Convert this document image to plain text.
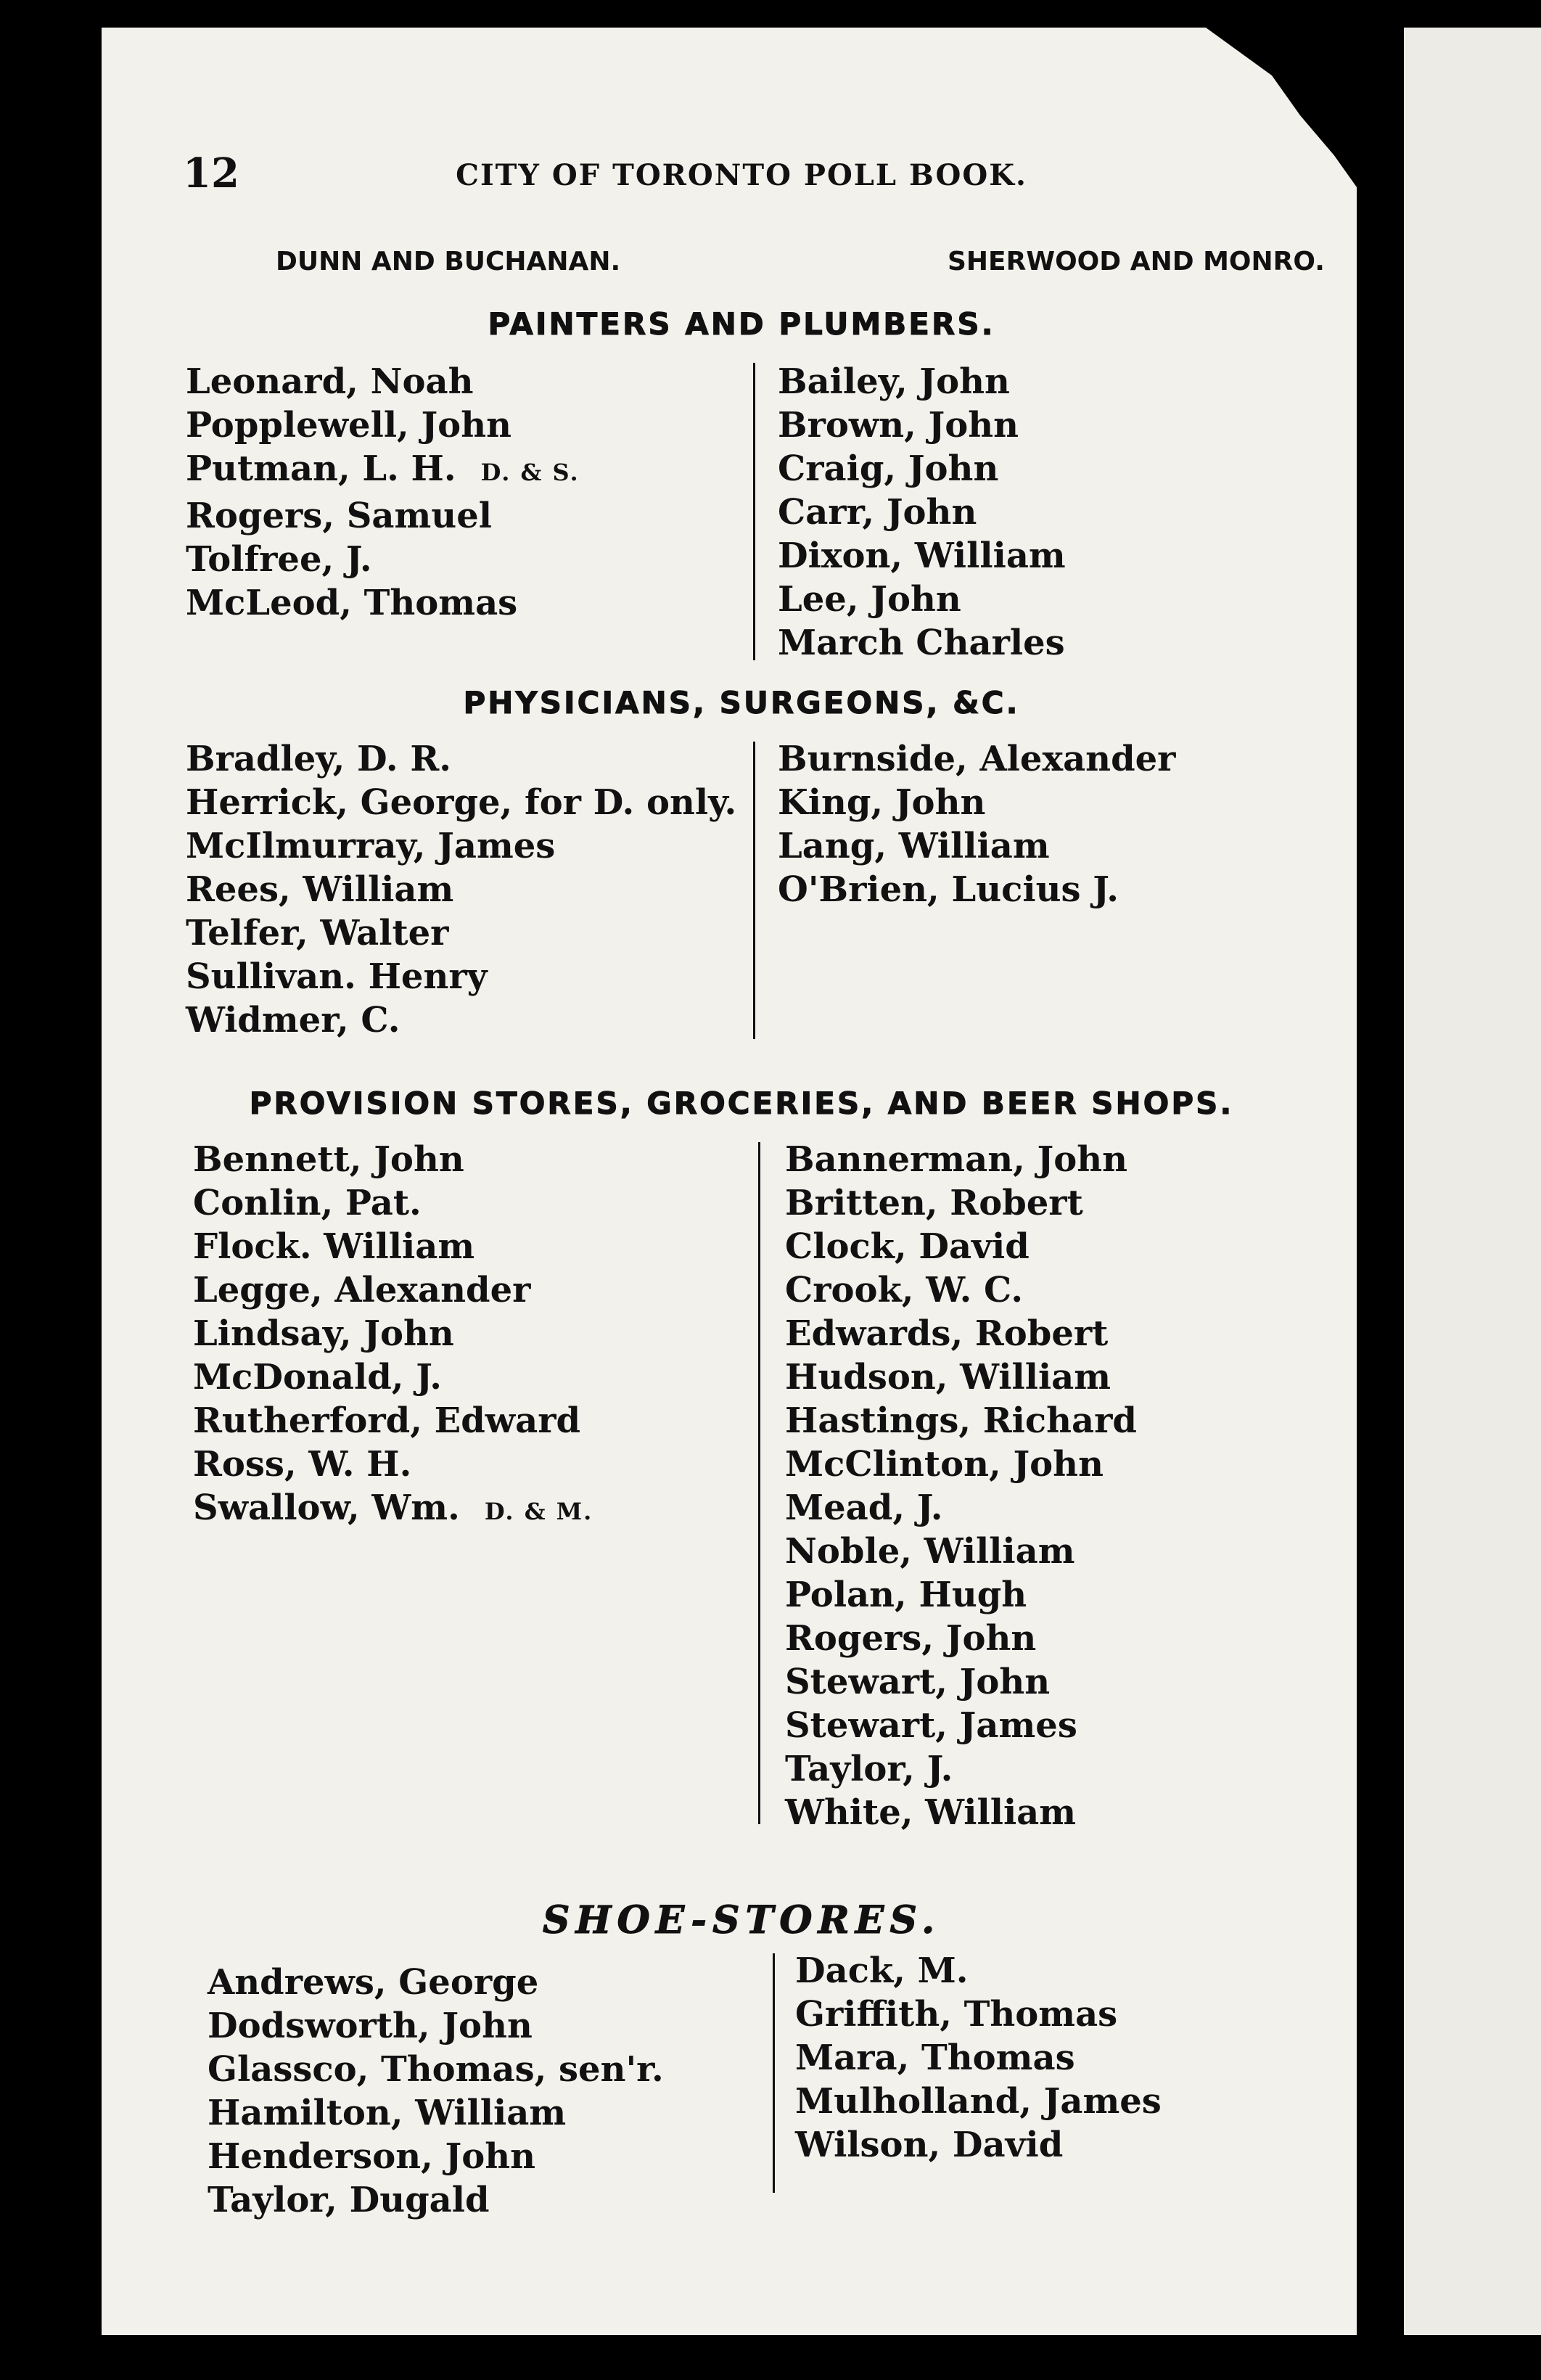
12	CITY OF TORONTO POLL BOOK.
DUNN AND BUCHANAN.	SHERWOOD AND MONRO.
PAINTERS AND PLUMBERS.
Leonard, Noah
Popplewell, John
Putman, L. H. D. & S.
Rogers, Samuel
Tolfree, J.
McLeod, Thomas
Bailey, John
Brown, John
Craig, John
Carr, John
Dixon, William
Lee, John
March Charles
PHYSICIANS, SURGEONS, &C.
Bradley, D. R.
Herrick, George, for D. only.
McIlmurray, James
Rees, William
Telfer, Walter
Sullivan. Henry
Widmer, C.
Burnside, Alexander
King, John
Lang, William
O'Brien, Lucius J.
PROVISION STORES, GROCERIES, AND BEER SHOPS.
Bennett, John
Conlin, Pat.
Flock. William
Legge, Alexander
Lindsay, John
McDonald, J.
Rutherford, Edward
Ross, W. H.
Swallow, Wm. D. & M.
Bannerman, John
Britten, Robert
Clock, David
Crook, W. C.
Edwards, Robert
Hudson, William
Hastings, Richard
McClinton, John
Mead, J.
Noble, William
Polan, Hugh
Rogers, John
Stewart, John
Stewart, James
Taylor, J.
White, William
SHOE-STORES.
Andrews, George
Dodsworth, John
Glassco, Thomas, sen'r.
Hamilton, William
Henderson, John
Taylor, Dugald
Dack, M.
Griffith, Thomas
Mara, Thomas
Mulholland, James
Wilson, David
